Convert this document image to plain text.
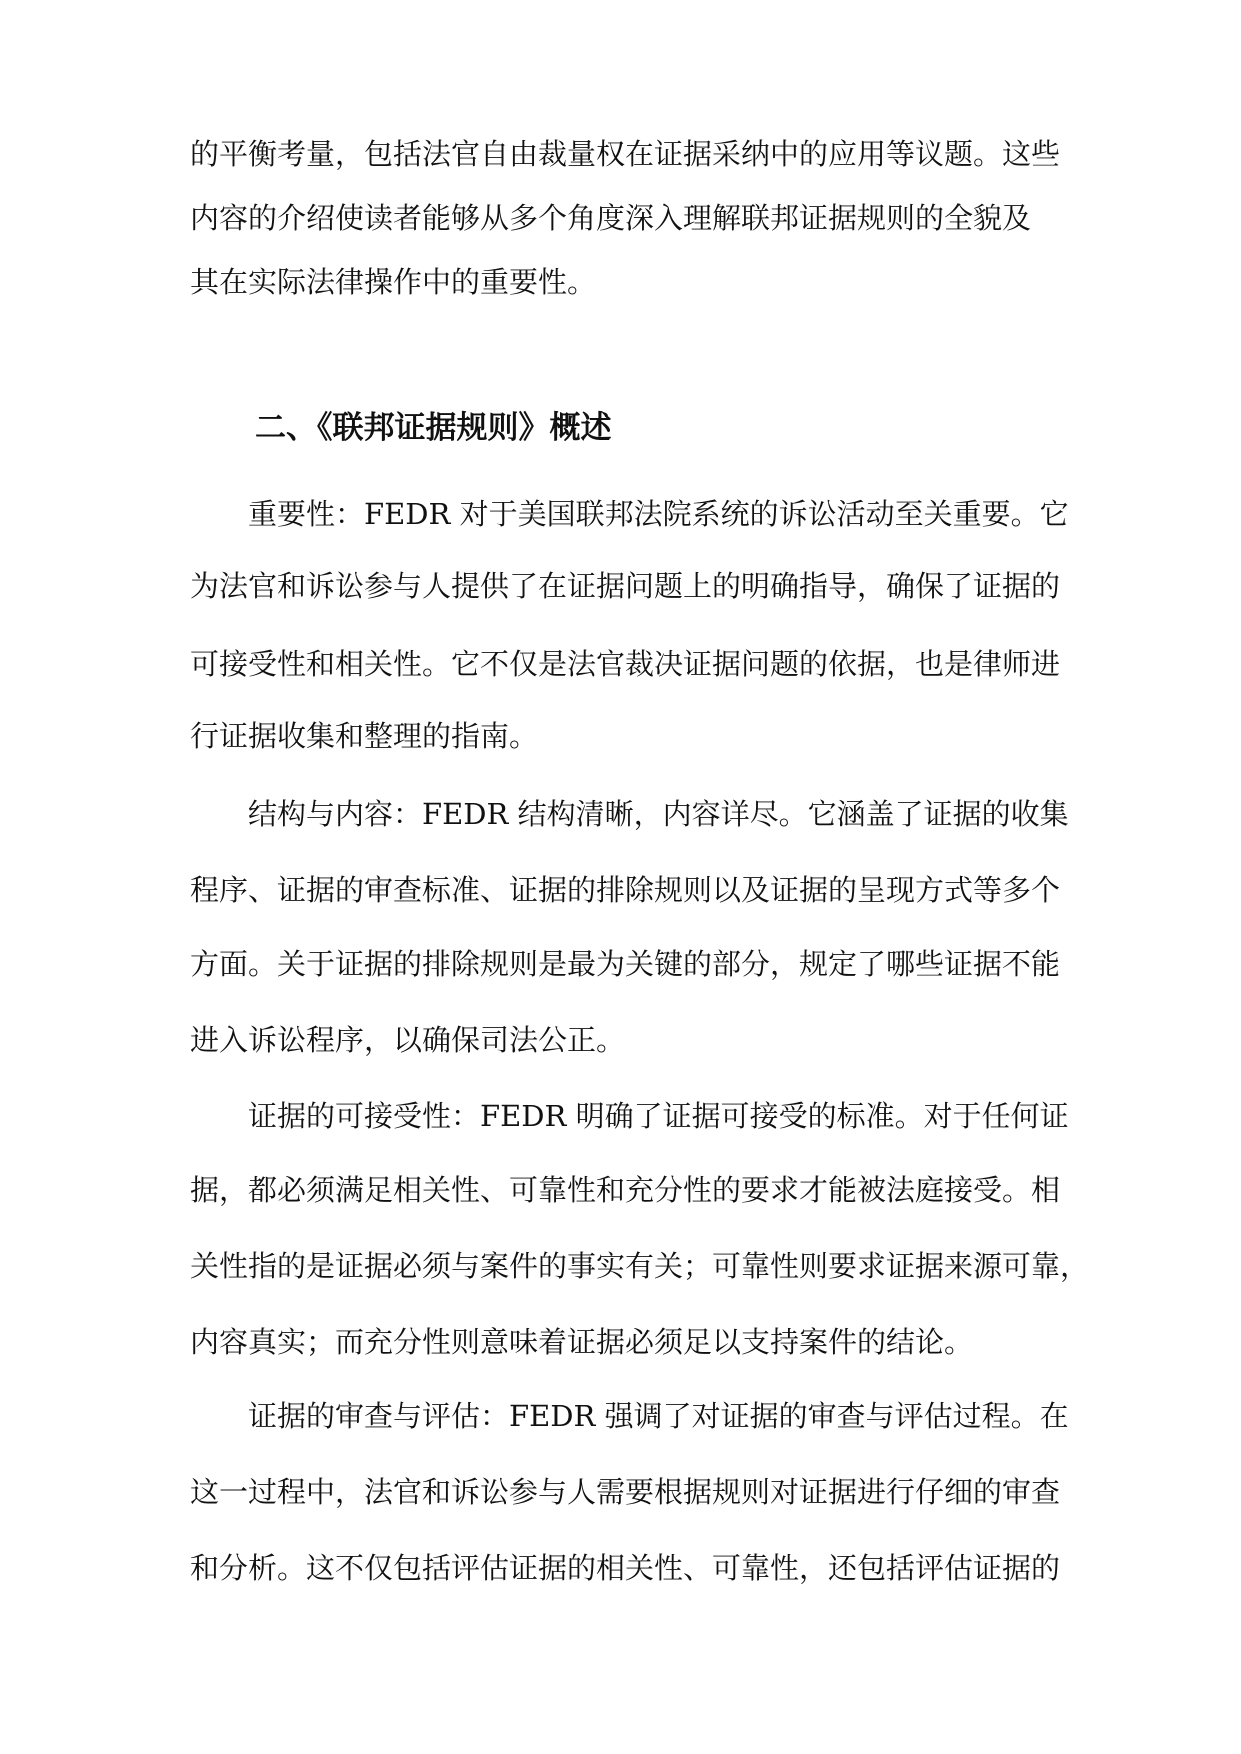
的平衡考量，包括法官自由裁量权在证据采纳中的应用等议题。这些
内容的介绍使读者能够从多个角度深入理解联邦证据规则的全貌及
其在实际法律操作中的重要性。
二、《联邦证据规则》概述
重要性：FEDR 对于美国联邦法院系统的诉讼活动至关重要。它
为法官和诉讼参与人提供了在证据问题上的明确指导，确保了证据的
可接受性和相关性。它不仅是法官裁决证据问题的依据，也是律师进
行证据收集和整理的指南。
结构与内容：FEDR 结构清晰，内容详尽。它涵盖了证据的收集
程序、证据的审查标准、证据的排除规则以及证据的呈现方式等多个
方面。关于证据的排除规则是最为关键的部分，规定了哪些证据不能
进入诉讼程序，以确保司法公正。
证据的可接受性：FEDR 明确了证据可接受的标准。对于任何证
据，都必须满足相关性、可靠性和充分性的要求才能被法庭接受。相
关性指的是证据必须与案件的事实有关；可靠性则要求证据来源可靠，
内容真实；而充分性则意味着证据必须足以支持案件的结论。
证据的审查与评估：FEDR 强调了对证据的审查与评估过程。在
这一过程中，法官和诉讼参与人需要根据规则对证据进行仔细的审查
和分析。这不仅包括评估证据的相关性、可靠性，还包括评估证据的
